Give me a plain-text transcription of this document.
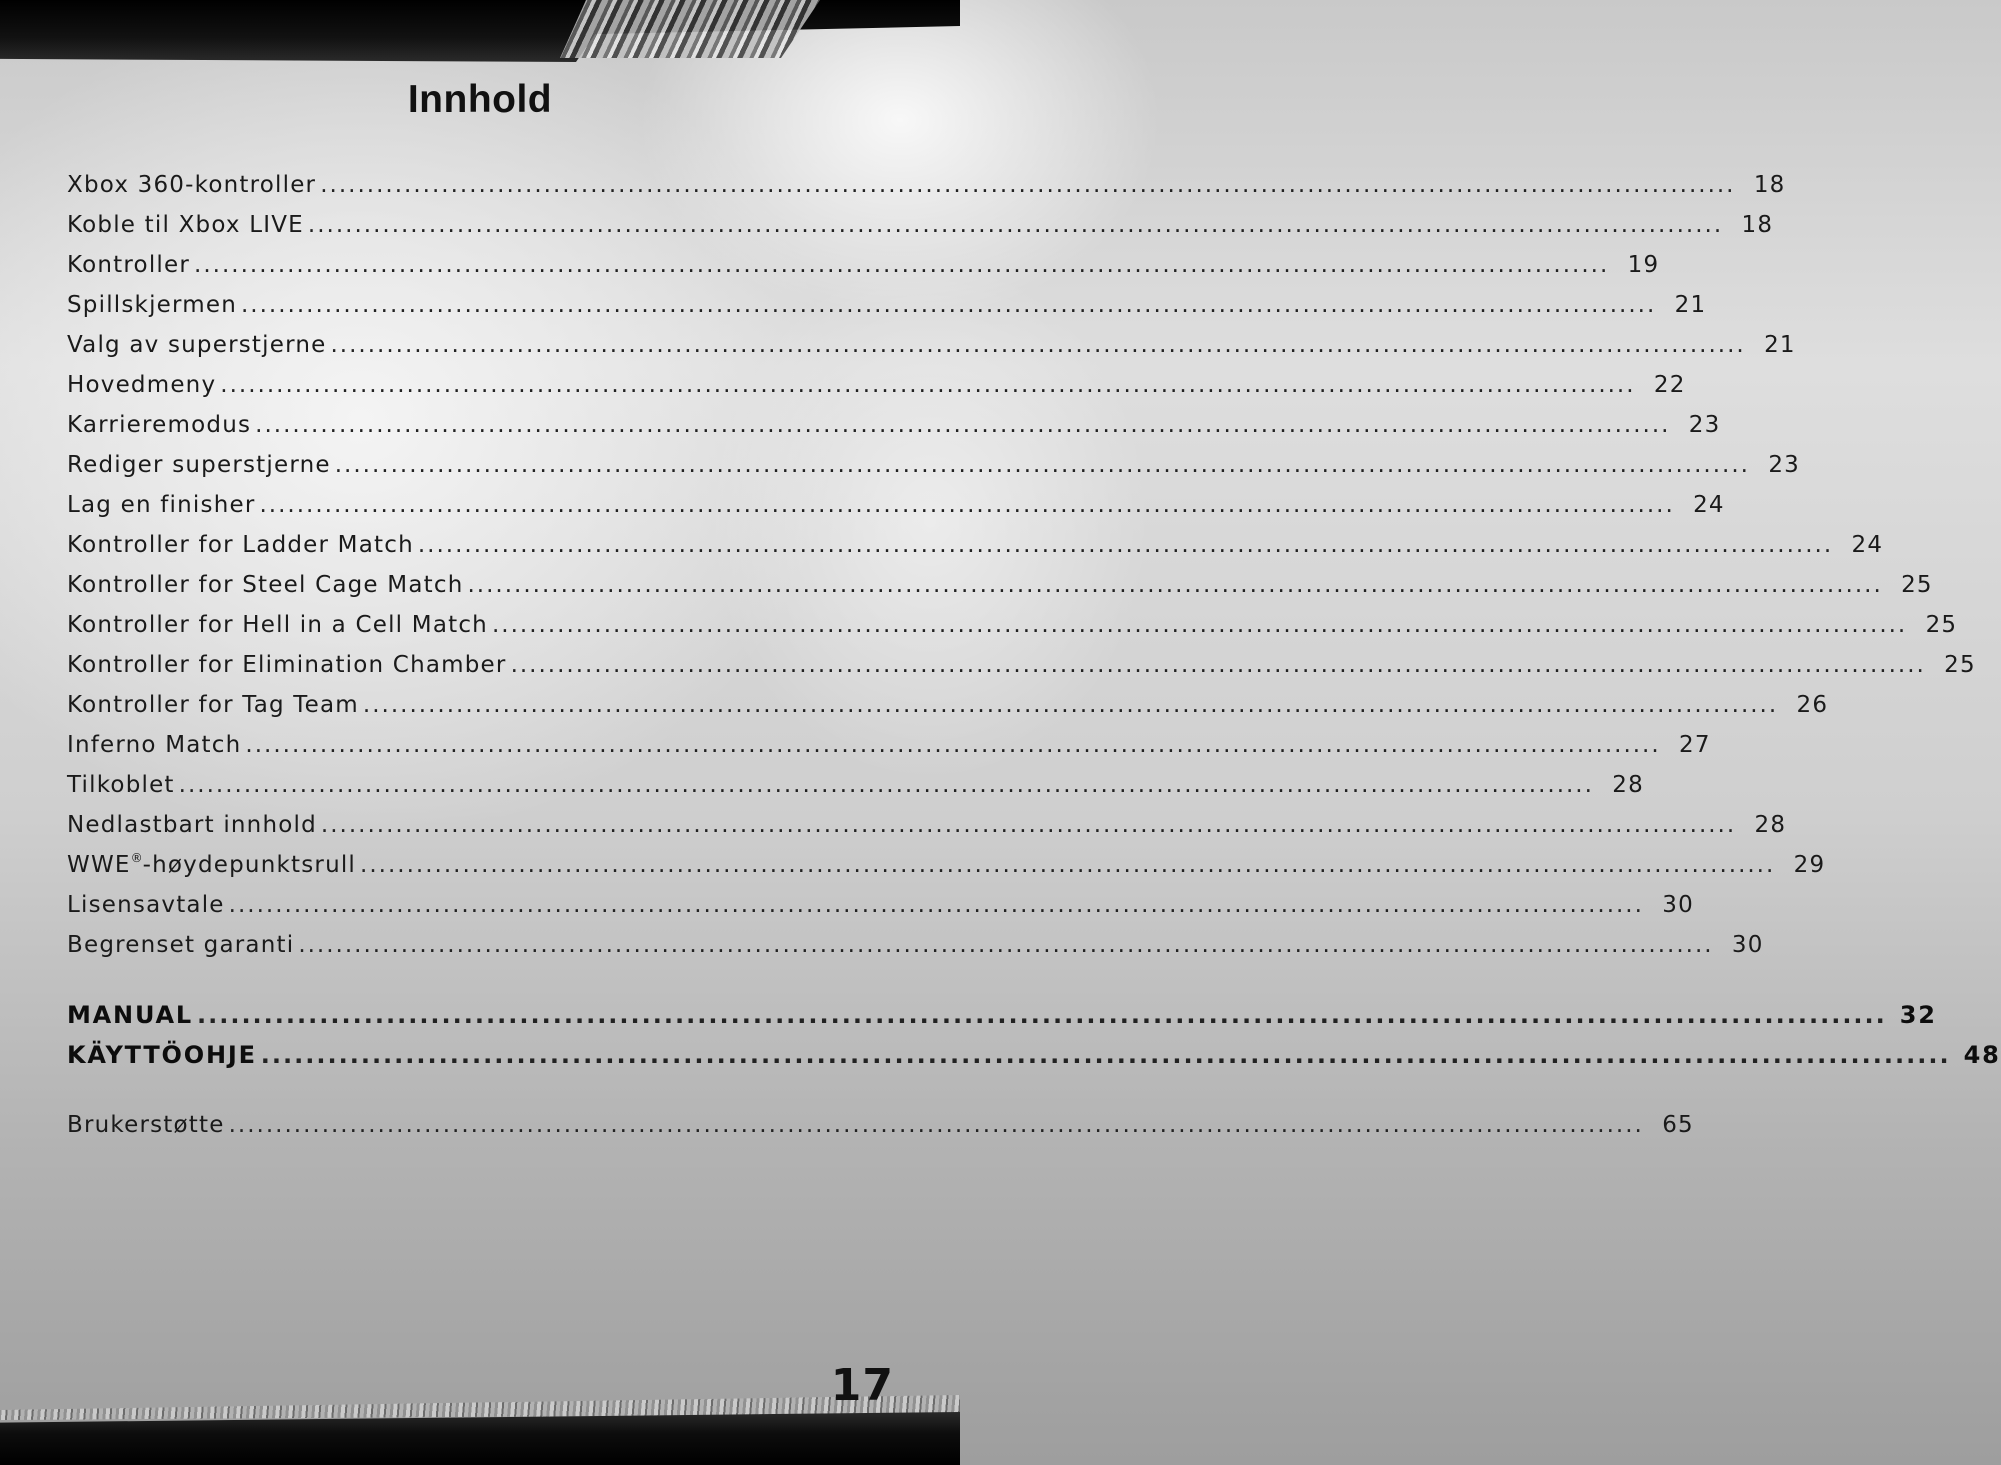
Innhold
Xbox 360-kontroller ........................................................................................................................................................ 18
Koble til Xbox LIVE ........................................................................................................................................................ 18
Kontroller ........................................................................................................................................................ 19
Spillskjermen ........................................................................................................................................................ 21
Valg av superstjerne ........................................................................................................................................................ 21
Hovedmeny ........................................................................................................................................................ 22
Karrieremodus ........................................................................................................................................................ 23
Rediger superstjerne ........................................................................................................................................................ 23
Lag en finisher ........................................................................................................................................................ 24
Kontroller for Ladder Match ........................................................................................................................................................ 24
Kontroller for Steel Cage Match ........................................................................................................................................................ 25
Kontroller for Hell in a Cell Match ........................................................................................................................................................ 25
Kontroller for Elimination Chamber ........................................................................................................................................................ 25
Kontroller for Tag Team ........................................................................................................................................................ 26
Inferno Match ........................................................................................................................................................ 27
Tilkoblet ........................................................................................................................................................ 28
Nedlastbart innhold ........................................................................................................................................................ 28
WWE®-høydepunktsrull ........................................................................................................................................................ 29
Lisensavtale ........................................................................................................................................................ 30
Begrenset garanti ........................................................................................................................................................ 30
MANUAL ........................................................................................................................................................ 32
KÄYTTÖOHJE ........................................................................................................................................................ 48
Brukerstøtte ........................................................................................................................................................ 65
17
